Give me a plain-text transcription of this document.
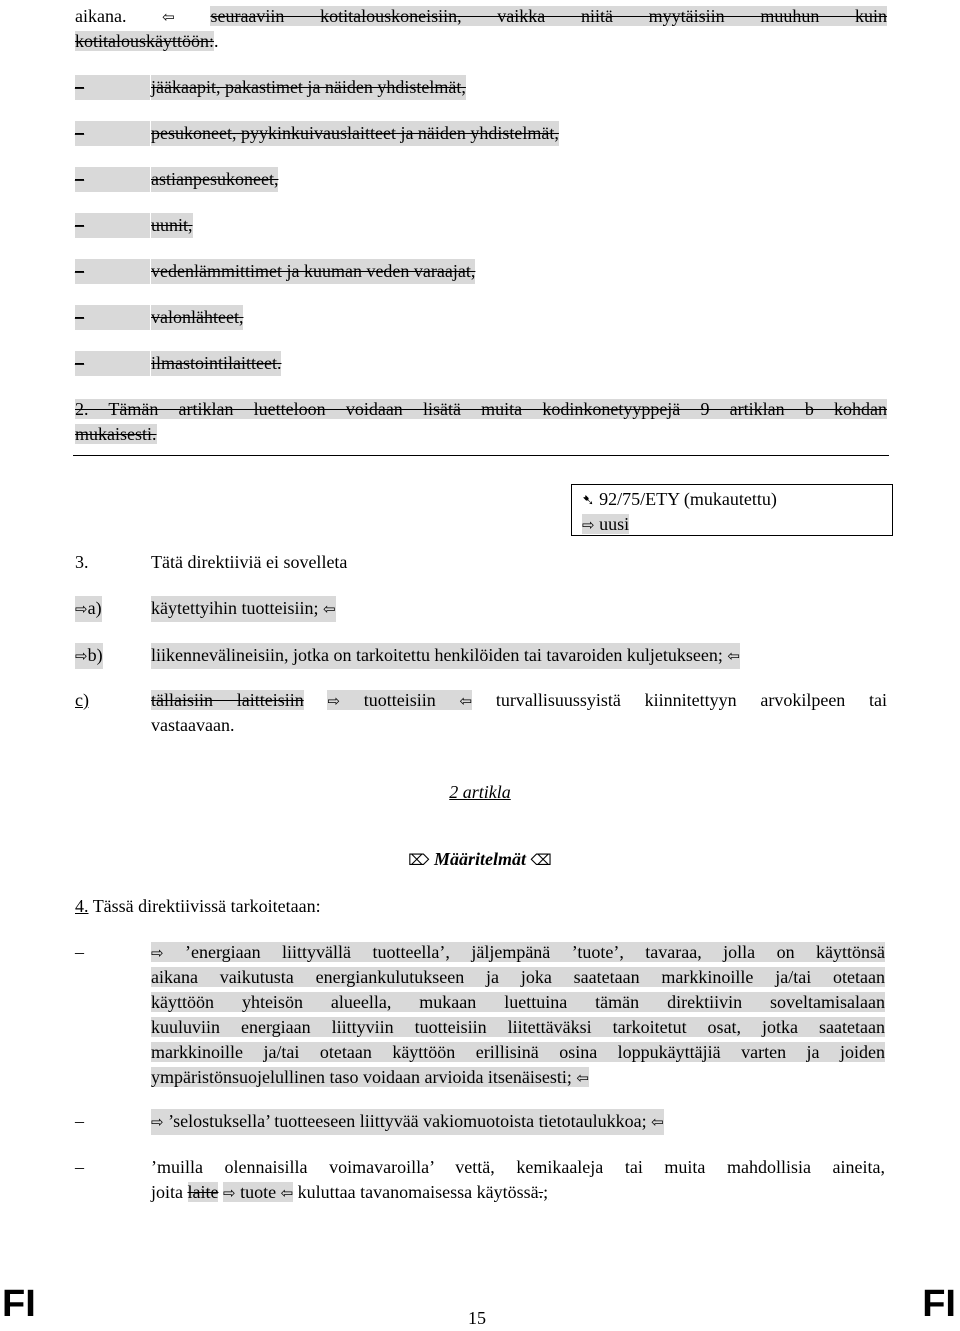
aikana. ⇦ seuraaviin kotitalouskoneisiin, vaikka niitä myytäisiin muuhun kuin
kotitalouskäyttöön:.
–	jääkaapit, pakastimet ja näiden yhdistelmät,
–	pesukoneet, pyykinkuivauslaitteet ja näiden yhdistelmät,
–	astianpesukoneet,
–	uunit,
–	vedenlämmittimet ja kuuman veden varaajat,
–	valonlähteet,
–	ilmastointilaitteet.
2. Tämän artiklan luetteloon voidaan lisätä muita kodinkonetyyppejä 9 artiklan b kohdan
mukaisesti.
➷ 92/75/ETY (mukautettu)
⇨ uusi
3.	Tätä direktiiviä ei sovelleta
⇨a)	käytettyihin tuotteisiin; ⇦
⇨b)	liikennevälineisiin, jotka on tarkoitettu henkilöiden tai tavaroiden kuljetukseen; ⇦
c)	tällaisiin laitteisiin ⇨ tuotteisiin ⇦ turvallisuussyistä kiinnitettyyn arvokilpeen tai
vastaavaan.
2 artikla
⌦ Määritelmät ⌫
4. Tässä direktiivissä tarkoitetaan:
–	⇨ ’energiaan liittyvällä tuotteella’, jäljempänä ’tuote’, tavaraa, jolla on käyttönsä
aikana vaikutusta energiankulutukseen ja joka saatetaan markkinoille ja/tai otetaan
käyttöön yhteisön alueella, mukaan luettuina tämän direktiivin soveltamisalaan
kuuluviin energiaan liittyviin tuotteisiin liitettäväksi tarkoitetut osat, jotka saatetaan
markkinoille ja/tai otetaan käyttöön erillisinä osina loppukäyttäjiä varten ja joiden
ympäristönsuojelullinen taso voidaan arvioida itsenäisesti; ⇦
–	⇨ ’selostuksella’ tuotteeseen liittyvää vakiomuotoista tietotaulukkoa; ⇦
–	’muilla olennaisilla voimavaroilla’ vettä, kemikaaleja tai muita mahdollisia aineita,
joita laite ⇨ tuote ⇦ kuluttaa tavanomaisessa käytössä.;
FI	15	FI
